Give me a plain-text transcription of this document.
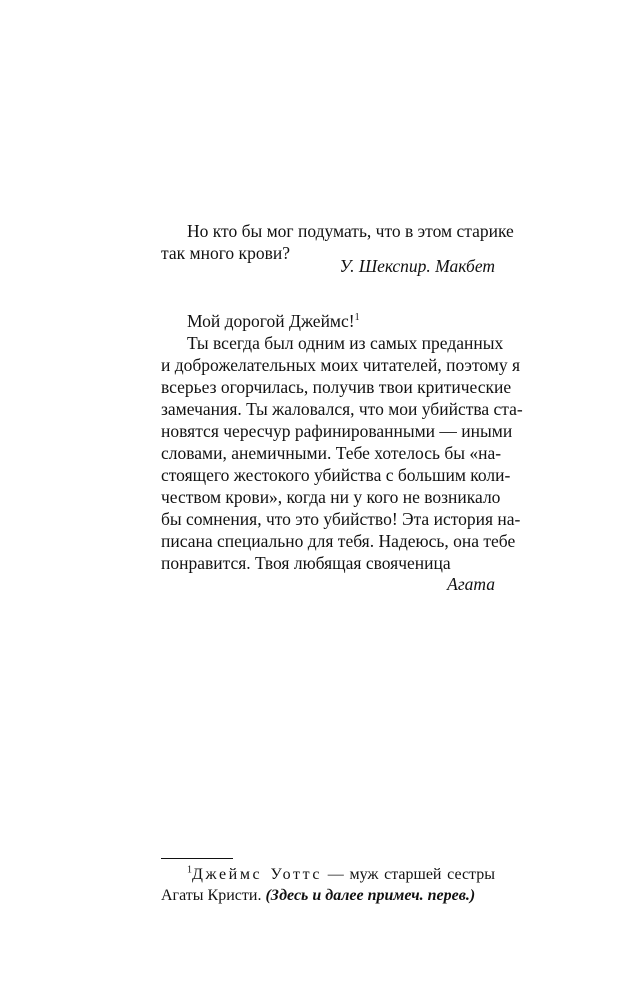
Но кто бы мог подумать, что в этом старике
так много крови?
У. Шекспир. Макбет
Мой дорогой Джеймс!$^1$
Ты всегда был одним из самых преданных
и доброжелательных моих читателей, поэтому я
всерьез огорчилась, получив твои критические
замечания. Ты жаловался, что мои убийства ста-
новятся чересчур рафинированными — иными
словами, анемичными. Тебе хотелось бы «на-
стоящего жестокого убийства с большим коли-
чеством крови», когда ни у кого не возникало
бы сомнения, что это убийство! Эта история на-
писана специально для тебя. Надеюсь, она тебе
понравится. Твоя любящая свояченица
Агата
$^1$Джеймс Уоттс — муж старшей сестры
Агаты Кристи. (Здесь и далее примеч. перев.)
